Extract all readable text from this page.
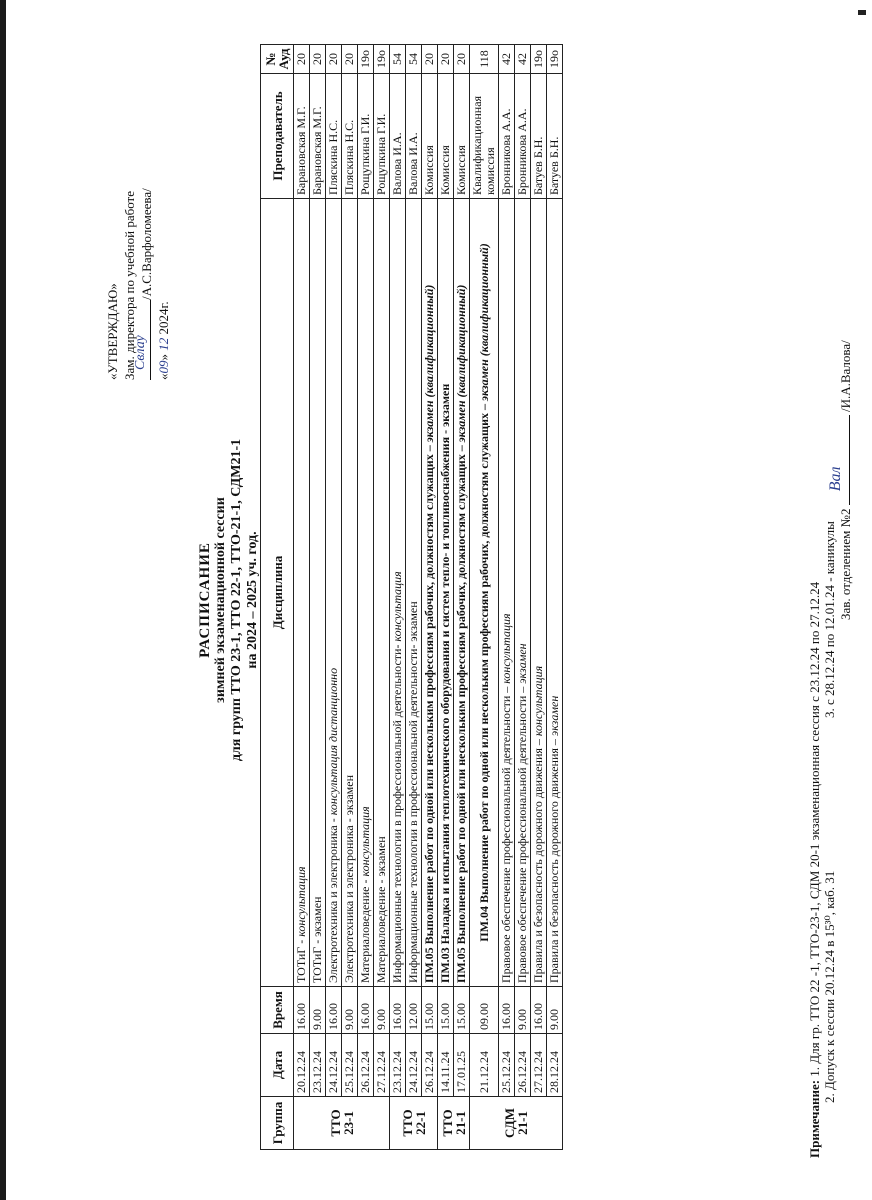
«УТВЕРЖДАЮ» Зам. директора по учебной работе
Свлау
/А.С.Варфоломеева/
«09» 12 2024г.
РАСПИСАНИЕ зимней экзаменационной сессии для групп ТТО 23-1, ТТО 22-1, ТТО-21-1, СДМ21-1 на 2024 – 2025 уч. год.
Группа	Дата	Время	Дисциплина	Преподаватель	№ Ауд
ТТО 23-1	20.12.24	16.00	ТОТиГ - консультация	Барановская М.Г.	20
	23.12.24	9.00	ТОТиГ - экзамен	Барановская М.Г.	20
	24.12.24	16.00	Электротехника и электроника - консультация дистанционно	Пляскина Н.С.	20
	25.12.24	9.00	Электротехника и электроника - экзамен	Пляскина Н.С.	20
	26.12.24	16.00	Материаловедение - консультация	Рощупкина Г.И.	19о
	27.12.24	9.00	Материаловедение - экзамен	Рощупкина Г.И.	19о
ТТО 22-1	23.12.24	16.00	Информационные технологии в профессиональной деятельности- консультация	Валова И.А.	54
	24.12.24	12.00	Информационные технологии в профессиональной деятельности- экзамен	Валова И.А.	54
	26.12.24	15.00	ПМ.05 Выполнение работ по одной или нескольким профессиям рабочих, должностям служащих – экзамен (квалификационный)	Комиссия	20
ТТО 21-1	14.11.24	15.00	ПМ.03 Наладка и испытания теплотехнического оборудования и систем тепло- и топливоснабжения - экзамен	Комиссия	20
	17.01.25	15.00	ПМ.05 Выполнение работ по одной или нескольким профессиям рабочих, должностям служащих – экзамен (квалификационный)	Комиссия	20
СДМ 21-1	21.12.24	09.00	ПМ.04 Выполнение работ по одной или нескольким профессиям рабочих, должностям служащих – экзамен (квалификационный)	Квалификационная комиссия	118
	25.12.24	16.00	Правовое обеспечение профессиональной деятельности – консультация	Бронникова А.А.	42
	26.12.24	9.00	Правовое обеспечение профессиональной деятельности – экзамен	Бронникова А.А.	42
	27.12.24	16.00	Правила и безопасность дорожного движения – консультация	Батуев Б.Н.	19о
	28.12.24	9.00	Правила и безопасность дорожного движения – экзамен	Батуев Б.Н.	19о
Примечание: 1. Для гр. ТТО 22 -1, ТТО-23-1, СДМ 20-1 экзаменационная сессия с 23.12.24 по 27.12.24 2. Допуск к сессии 20.12.24 в 15³⁰, каб. 31
3. с 28.12.24 по 12.01.24 - каникулы Зав. отделением №2
Вал
/И.А.Валова/
